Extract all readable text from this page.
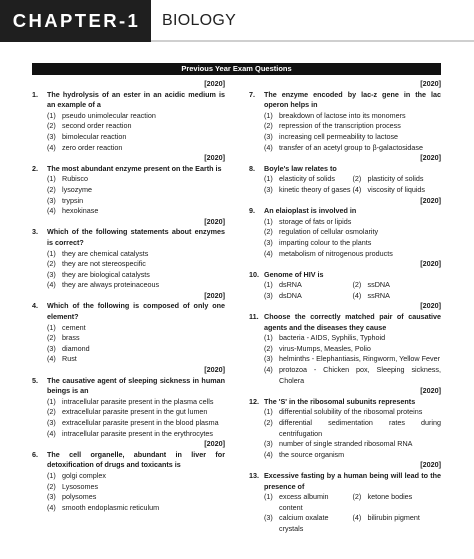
CHAPTER-1	BIOLOGY
Previous Year Exam Questions
[2020]
1.	The hydrolysis of an ester in an acidic medium is an example of a
(1) pseudo unimolecular reaction
(2) second order reaction
(3) bimolecular reaction
(4) zero order reaction
[2020]
2.	The most abundant enzyme present on the Earth is
(1) Rubisco
(2) lysozyme
(3) trypsin
(4) hexokinase
[2020]
3.	Which of the following statements about enzymes is correct?
(1) they are chemical catalysts
(2) they are not stereospecific
(3) they are biological catalysts
(4) they are always proteinaceous
[2020]
4.	Which of the following is composed of only one element?
(1) cement
(2) brass
(3) diamond
(4) Rust
[2020]
5.	The causative agent of sleeping sickness in human beings is an
(1) intracellular parasite present in the plasma cells
(2) extracellular parasite present in the gut lumen
(3) extracellular parasite present in the blood plasma
(4) intracellular parasite present in the erythrocytes
[2020]
6.	The cell organelle, abundant in liver for detoxification of drugs and toxicants is
(1) golgi complex
(2) Lysosomes
(3) polysomes
(4) smooth endoplasmic reticulum
[2020]
7.	The enzyme encoded by lac-z gene in the lac operon helps in
(1) breakdown of lactose into its monomers
(2) repression of the transcription process
(3) increasing cell permeability to lactose
(4) transfer of an acetyl group to β-galactosidase
[2020]
8.	Boyle's law relates to
(1) elasticity of solids (2) plasticity of solids
(3) kinetic theory of gases (4) viscosity of liquids
[2020]
9.	An elaioplast is involved in
(1) storage of fats or lipids
(2) regulation of cellular osmolarity
(3) imparting colour to the plants
(4) metabolism of nitrogenous products
[2020]
10. Genome of HIV is
(1) dsRNA	(2) ssDNA
(3) dsDNA	(4) ssRNA
[2020]
11. Choose the correctly matched pair of causative agents and the diseases they cause
(1) bacteria - AIDS, Syphilis, Typhoid
(2) virus-Mumps, Measles, Polio
(3) helminths - Elephantiasis, Ringworm, Yellow Fever
(4) protozoa - Chicken pox, Sleeping sickness, Cholera
[2020]
12. The 'S' in the ribosomal subunits represents
(1) differential solubility of the ribosomal proteins
(2) differential sedimentation rates during centrifugation
(3) number of single stranded ribosomal RNA
(4) the source organism
[2020]
13. Excessive fasting by a human being will lead to the presence of
(1) excess albumin content
(2) ketone bodies
(3) calcium oxalate crystals
(4) bilirubin pigment
